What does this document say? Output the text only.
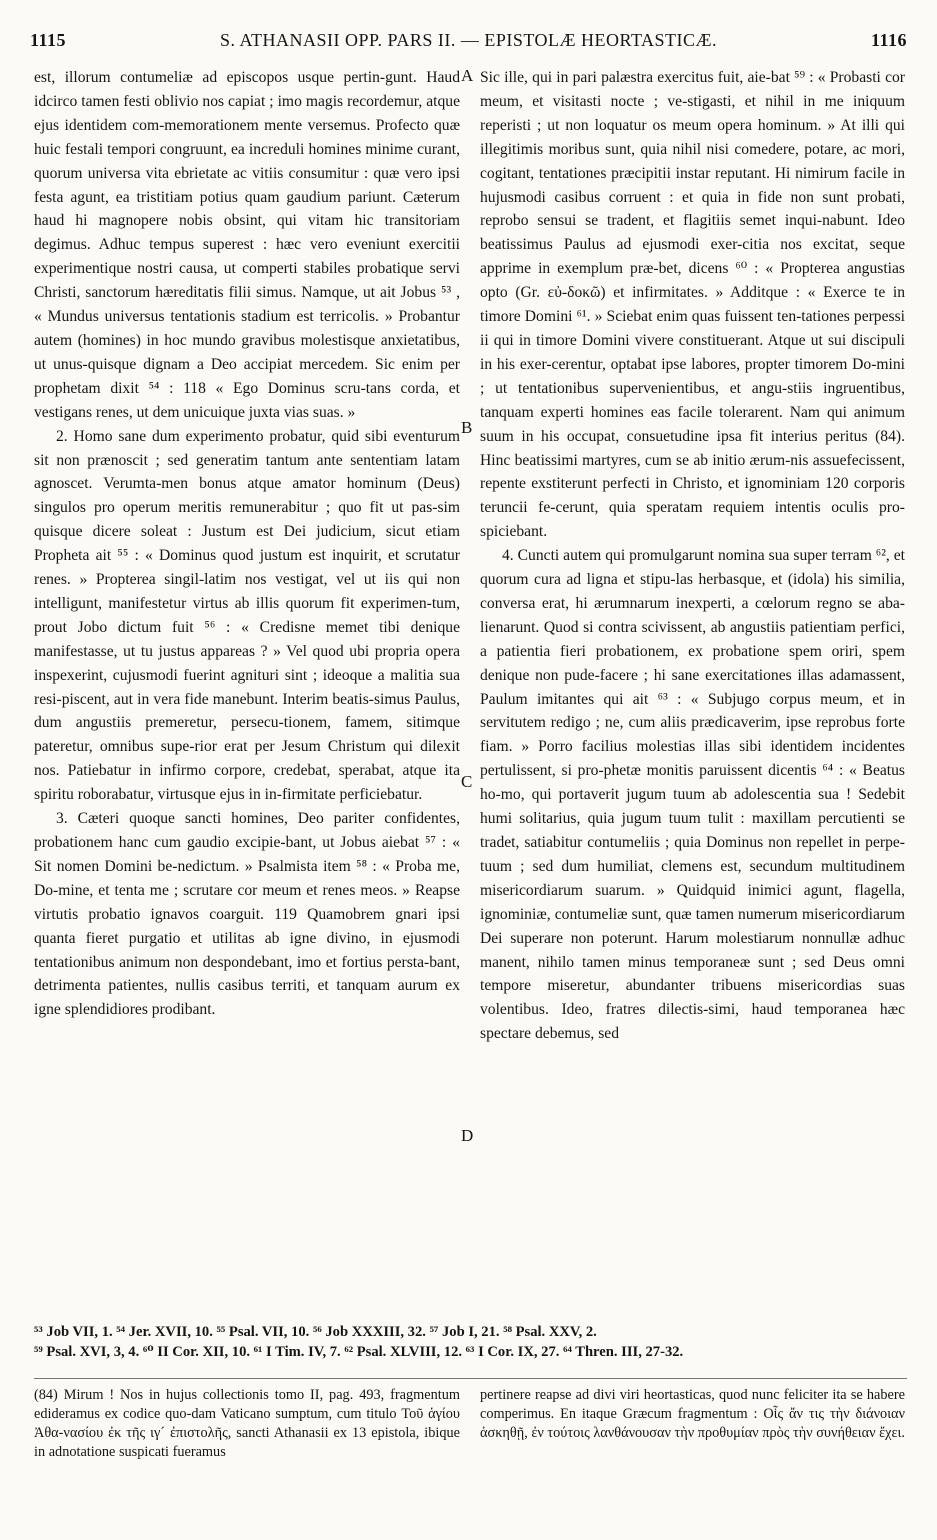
1115	S. ATHANASII OPP. PARS II. — EPISTOLÆ HEORTASTICÆ.	1116

est, illorum contumeliæ ad episcopos usque pertin-gunt. Haud idcirco tamen festi oblivio nos capiat ; imo magis recordemur, atque ejus identidem com-memorationem mente versemus. Profecto quæ huic festali tempori congruunt, ea increduli homines minime curant, quorum universa vita ebrietate ac vitiis consumitur : quæ vero ipsi festa agunt, ea tristitiam potius quam gaudium pariunt. Cæterum haud hi magnopere nobis obsint, qui vitam hic transitoriam degimus. Adhuc tempus superest : hæc vero eveniunt exercitii experimentique nostri causa, ut comperti stabiles probatique servi Christi, sanctorum hæreditatis filii simus. Namque, ut ait Jobus ⁵³ , « Mundus universus tentationis stadium est terricolis. » Probantur autem (homines) in hoc mundo gravibus molestisque anxietatibus, ut unus-quisque dignam a Deo accipiat mercedem. Sic enim per prophetam dixit ⁵⁴ : 118 « Ego Dominus scru-tans corda, et vestigans renes, ut dem unicuique juxta vias suas. »

2. Homo sane dum experimento probatur, quid sibi eventurum sit non prænoscit ; sed generatim tantum ante sententiam latam agnoscet. Verumta-men bonus atque amator hominum (Deus) singulos pro operum meritis remunerabitur ; quo fit ut pas-sim quisque dicere soleat : Justum est Dei judicium, sicut etiam Propheta ait ⁵⁵ : « Dominus quod justum est inquirit, et scrutatur renes. » Propterea singil-latim nos vestigat, vel ut iis qui non intelligunt, manifestetur virtus ab illis quorum fit experimen-tum, prout Jobo dictum fuit ⁵⁶ : « Credisne memet tibi denique manifestasse, ut tu justus appareas ? » Vel quod ubi propria opera inspexerint, cujusmodi fuerint agnituri sint ; ideoque a malitia sua resi-piscent, aut in vera fide manebunt. Interim beatis-simus Paulus, dum angustiis premeretur, persecu-tionem, famem, sitimque pateretur, omnibus supe-rior erat per Jesum Christum qui dilexit nos. Patiebatur in infirmo corpore, credebat, sperabat, atque ita spiritu roborabatur, virtusque ejus in in-firmitate perficiebatur.

3. Cæteri quoque sancti homines, Deo pariter confidentes, probationem hanc cum gaudio excipie-bant, ut Jobus aiebat ⁵⁷ : « Sit nomen Domini be-nedictum. » Psalmista item ⁵⁸ : « Proba me, Do-mine, et tenta me ; scrutare cor meum et renes meos. » Reapse virtutis probatio ignavos coarguit. 119 Quamobrem gnari ipsi quanta fieret purgatio et utilitas ab igne divino, in ejusmodi tentationibus animum non despondebant, imo et fortius persta-bant, detrimenta patientes, nullis casibus territi, et tanquam aurum ex igne splendidiores prodibant.

A
B
C
D

Sic ille, qui in pari palæstra exercitus fuit, aie-bat ⁵⁹ : « Probasti cor meum, et visitasti nocte ; ve-stigasti, et nihil in me iniquum reperisti ; ut non loquatur os meum opera hominum. » At illi qui illegitimis moribus sunt, quia nihil nisi comedere, potare, ac mori, cogitant, tentationes præcipitii instar reputant. Hi nimirum facile in hujusmodi casibus corruent : et quia in fide non sunt probati, reprobo sensui se tradent, et flagitiis semet inqui-nabunt. Ideo beatissimus Paulus ad ejusmodi exer-citia nos excitat, seque apprime in exemplum præ-bet, dicens ⁶⁰ : « Propterea angustias opto (Gr. εὐ-δοκῶ) et infirmitates. » Additque : « Exerce te in timore Domini ⁶¹. » Sciebat enim quas fuissent ten-tationes perpessi ii qui in timore Domini vivere constituerant. Atque ut sui discipuli in his exer-cerentur, optabat ipse labores, propter timorem Do-mini ; ut tentationibus supervenientibus, et angu-stiis ingruentibus, tanquam experti homines eas facile tolerarent. Nam qui animum suum in his occupat, consuetudine ipsa fit interius peritus (84). Hinc beatissimi martyres, cum se ab initio ærum-nis assuefecissent, repente exstiterunt perfecti in Christo, et ignominiam 120 corporis teruncii fe-cerunt, quia speratam requiem intentis oculis pro-spiciebant.

4. Cuncti autem qui promulgarunt nomina sua super terram ⁶², et quorum cura ad ligna et stipu-las herbasque, et (idola) his similia, conversa erat, hi ærumnarum inexperti, a cœlorum regno se aba-lienarunt. Quod si contra scivissent, ab angustiis patientiam perfici, a patientia fieri probationem, ex probatione spem oriri, spem denique non pude-facere ; hi sane exercitationes illas adamassent, Paulum imitantes qui ait ⁶³ : « Subjugo corpus meum, et in servitutem redigo ; ne, cum aliis prædicaverim, ipse reprobus forte fiam. » Porro facilius molestias illas sibi identidem incidentes pertulissent, si pro-phetæ monitis paruissent dicentis ⁶⁴ : « Beatus ho-mo, qui portaverit jugum tuum ab adolescentia sua ! Sedebit humi solitarius, quia jugum tuum tulit : maxillam percutienti se tradet, satiabitur contumeliis ; quia Dominus non repellet in perpe-tuum ; sed dum humiliat, clemens est, secundum multitudinem misericordiarum suarum. » Quidquid inimici agunt, flagella, ignominiæ, contumeliæ sunt, quæ tamen numerum misericordiarum Dei superare non poterunt. Harum molestiarum nonnullæ adhuc manent, nihilo tamen minus temporaneæ sunt ; sed Deus omni tempore miseretur, abundanter tribuens misericordias suas volentibus. Ideo, fratres dilectis-simi, haud temporanea hæc spectare debemus, sed

⁵³ Job VII, 1. ⁵⁴ Jer. XVII, 10. ⁵⁵ Psal. VII, 10. ⁵⁶ Job XXXIII, 32. ⁵⁷ Job I, 21. ⁵⁸ Psal. XXV, 2.

⁵⁹ Psal. XVI, 3, 4. ⁶⁰ II Cor. XII, 10. ⁶¹ I Tim. IV, 7. ⁶² Psal. XLVIII, 12. ⁶³ I Cor. IX, 27. ⁶⁴ Thren. III, 27-32.

(84) Mirum ! Nos in hujus collectionis tomo II, pag. 493, fragmentum edideramus ex codice quo-dam Vaticano sumptum, cum titulo Τοῦ ἁγίου Ἀθα-νασίου ἐκ τῆς ιγ´ ἐπιστολῆς, sancti Athanasii ex 13 epistola, ibique in adnotatione suspicati fueramus

pertinere reapse ad divi viri heortasticas, quod nunc feliciter ita se habere comperimus. En itaque Græcum fragmentum : Οἷς ἄν τις τὴν διάνοιαν ἀσκηθῇ, ἐν τούτοις λανθάνουσαν τὴν προθυμίαν πρὸς τὴν συνήθειαν ἔχει.
